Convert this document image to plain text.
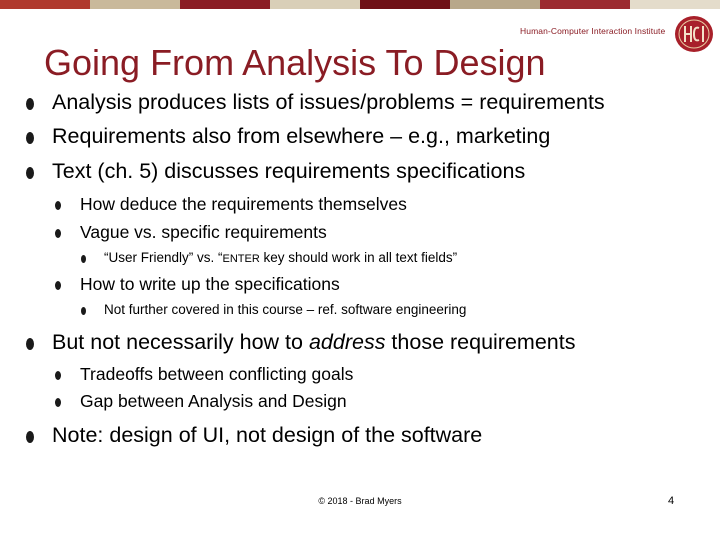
Human-Computer Interaction Institute
Going From Analysis To Design
Analysis produces lists of issues/problems = requirements
Requirements also from elsewhere – e.g., marketing
Text (ch. 5) discusses requirements specifications
How deduce the requirements themselves
Vague vs. specific requirements
“User Friendly” vs. “ENTER key should work in all text fields”
How to write up the specifications
Not further covered in this course – ref. software engineering
But not necessarily how to address those requirements
Tradeoffs between conflicting goals
Gap between Analysis and Design
Note: design of UI, not design of the software
© 2018 - Brad Myers	4
